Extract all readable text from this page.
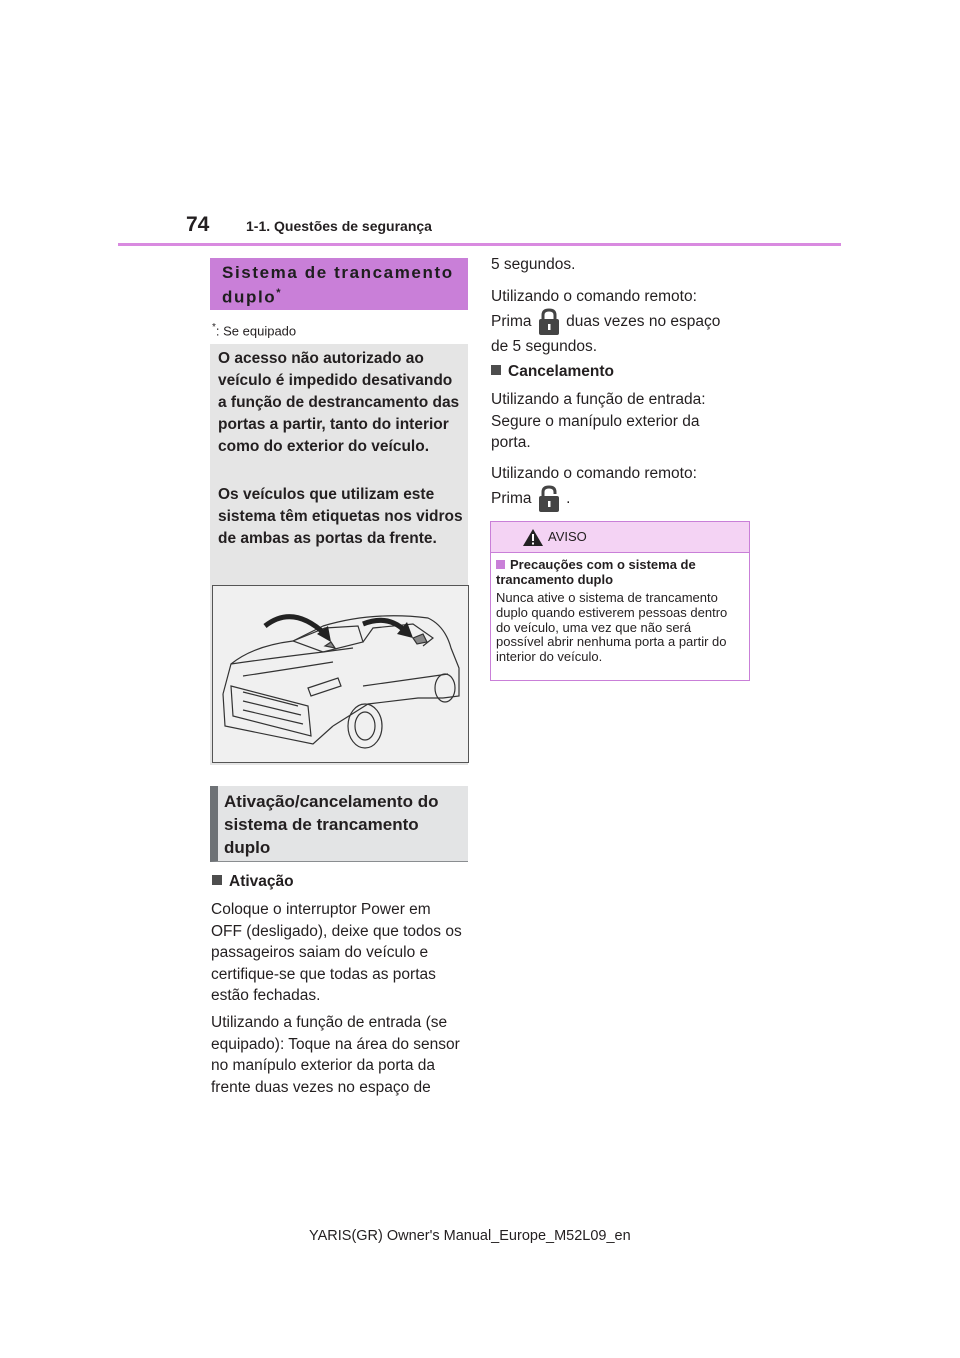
74	1-1. Questões de segurança
Sistema de trancamento duplo*
*: Se equipado

O acesso não autorizado ao veículo é impedido desativando a função de destrancamento das portas a partir, tanto do interior como do exterior do veículo.

Os veículos que utilizam este sistema têm etiquetas nos vidros de ambas as portas da frente.

Ativação/cancelamento do sistema de trancamento duplo
Ativação

Coloque o interruptor Power em OFF (desligado), deixe que todos os passageiros saiam do veículo e certifique-se que todas as portas estão fechadas.

Utilizando a função de entrada (se equipado): Toque na área do sensor no manípulo exterior da porta da frente duas vezes no espaço de

5 segundos.

Utilizando o comando remoto:

Prima duas vezes no espaço

de 5 segundos.

Cancelamento

Utilizando a função de entrada: Segure o manípulo exterior da porta.

Utilizando o comando remoto:

Prima .
AVISO
Precauções com o sistema de trancamento duplo
Nunca ative o sistema de trancamento duplo quando estiverem pessoas dentro do veículo, uma vez que não será possível abrir nenhuma porta a partir do interior do veículo.
YARIS(GR) Owner's Manual_Europe_M52L09_en
